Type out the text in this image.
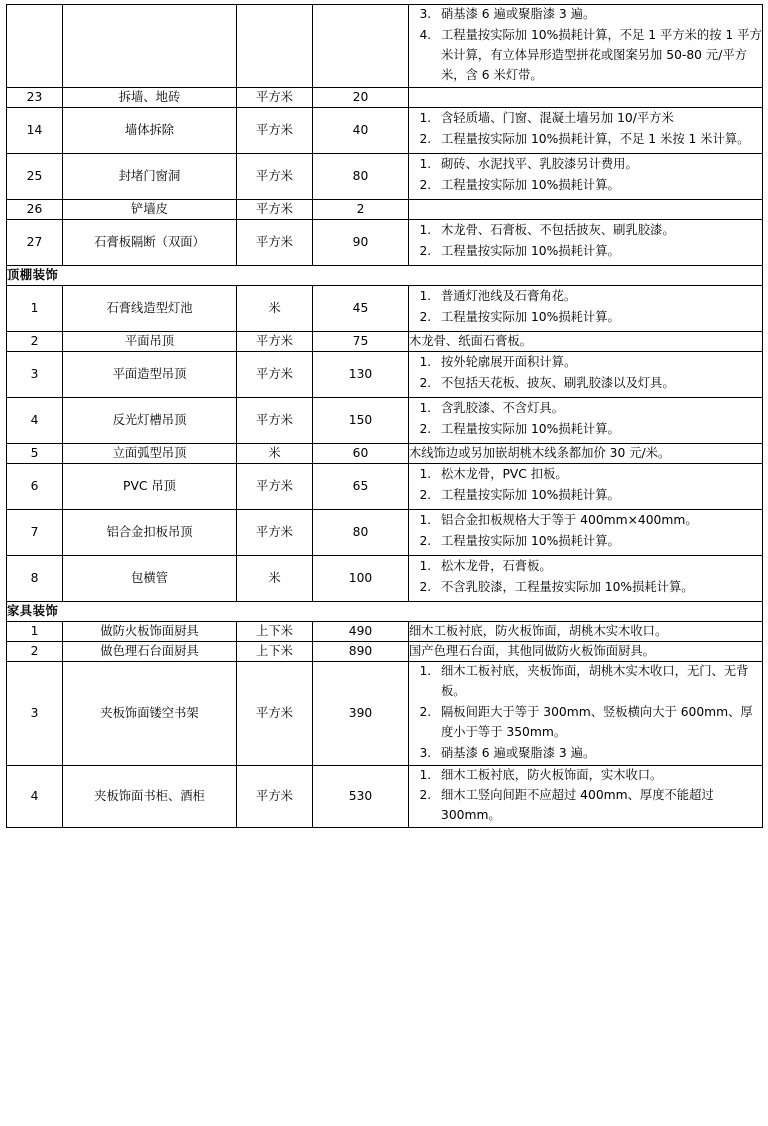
3. 硝基漆 6 遍或聚脂漆 3 遍。
4. 工程量按实际加 10%损耗计算，不足 1 平方米的按 1 平方米计算，有立体异形造型拼花或图案另加 50-80 元/平方米，含 6 米灯带。

23	拆墙、地砖	平方米	20	
14	墙体拆除	平方米	40	
1. 含轻质墙、门窗、混凝土墙另加 10/平方米
2. 工程量按实际加 10%损耗计算，不足 1 米按 1 米计算。

25	封堵门窗洞	平方米	80	
1. 砌砖、水泥找平、乳胶漆另计费用。
2. 工程量按实际加 10%损耗计算。

26	铲墙皮	平方米	2	
27	石膏板隔断（双面）	平方米	90	
1. 木龙骨、石膏板、不包括披灰、刷乳胶漆。
2. 工程量按实际加 10%损耗计算。

顶棚装饰				
1	石膏线造型灯池	米	45	
1. 普通灯池线及石膏角花。
2. 工程量按实际加 10%损耗计算。

2	平面吊顶	平方米	75	木龙骨、纸面石膏板。
3	平面造型吊顶	平方米	130	
1. 按外轮廓展开面积计算。
2. 不包括天花板、披灰、刷乳胶漆以及灯具。

4	反光灯槽吊顶	平方米	150	
1. 含乳胶漆、不含灯具。
2. 工程量按实际加 10%损耗计算。

5	立面弧型吊顶	米	60	木线饰边或另加嵌胡桃木线条都加价 30 元/米。
6	PVC 吊顶	平方米	65	
1. 松木龙骨，PVC 扣板。
2. 工程量按实际加 10%损耗计算。

7	铝合金扣板吊顶	平方米	80	
1. 铝合金扣板规格大于等于 400mm×400mm。
2. 工程量按实际加 10%损耗计算。

8	包横管	米	100	
1. 松木龙骨，石膏板。
2. 不含乳胶漆，工程量按实际加 10%损耗计算。

家具装饰				
1	做防火板饰面厨具	上下米	490	细木工板衬底，防火板饰面，胡桃木实木收口。
2	做色理石台面厨具	上下米	890	国产色理石台面，其他同做防火板饰面厨具。
3	夹板饰面镂空书架	平方米	390	
1. 细木工板衬底，夹板饰面，胡桃木实木收口，无门、无背板。
2. 隔板间距大于等于 300mm、竖板横向大于 600mm、厚度小于等于 350mm。
3. 硝基漆 6 遍或聚脂漆 3 遍。

4	夹板饰面书柜、酒柜	平方米	530	
1. 细木工板衬底，防火板饰面，实木收口。
2. 细木工竖向间距不应超过 400mm、厚度不能超过 300mm。
